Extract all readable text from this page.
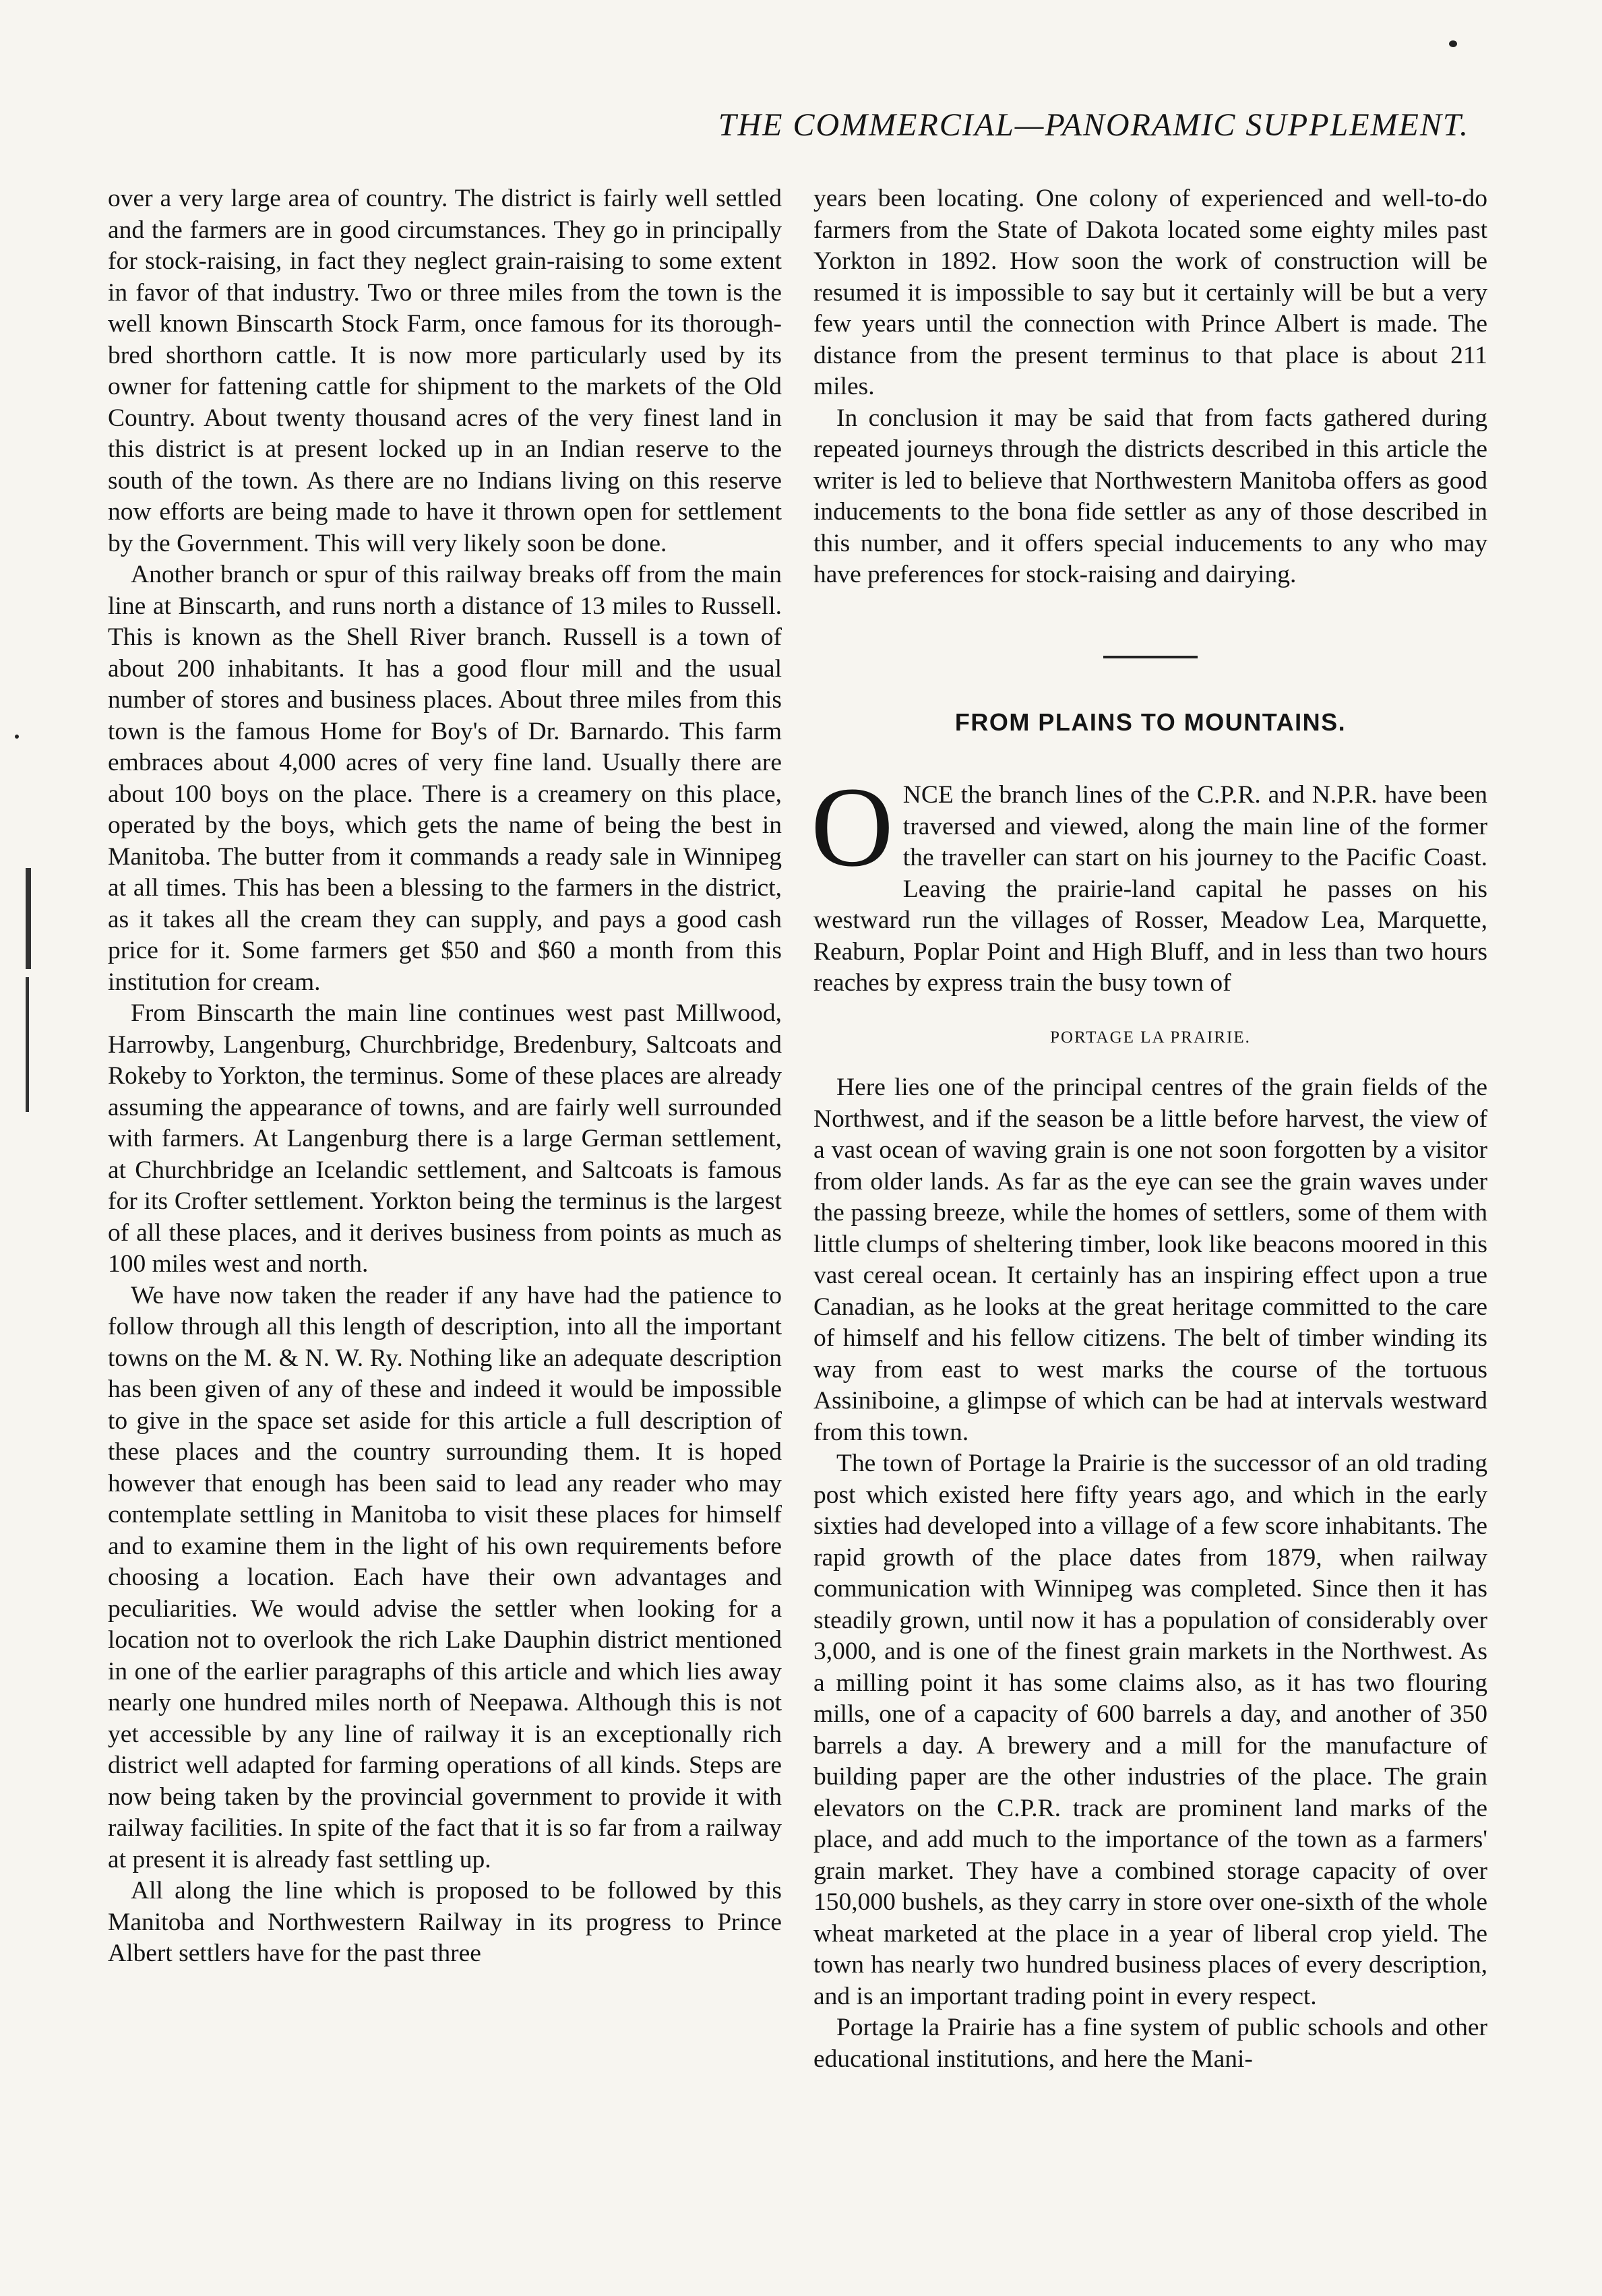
THE COMMERCIAL—PANORAMIC SUPPLEMENT.

over a very large area of country. The district is fairly well settled and the farmers are in good circumstances. They go in principally for stock-raising, in fact they neglect grain-raising to some extent in favor of that industry. Two or three miles from the town is the well known Binscarth Stock Farm, once famous for its thorough-bred shorthorn cattle. It is now more particularly used by its owner for fattening cattle for shipment to the markets of the Old Country. About twenty thousand acres of the very finest land in this district is at present locked up in an Indian reserve to the south of the town. As there are no Indians living on this reserve now efforts are being made to have it thrown open for settlement by the Government. This will very likely soon be done.

Another branch or spur of this railway breaks off from the main line at Binscarth, and runs north a distance of 13 miles to Russell. This is known as the Shell River branch. Russell is a town of about 200 inhabitants. It has a good flour mill and the usual number of stores and business places. About three miles from this town is the famous Home for Boy's of Dr. Barnardo. This farm embraces about 4,000 acres of very fine land. Usually there are about 100 boys on the place. There is a creamery on this place, operated by the boys, which gets the name of being the best in Manitoba. The butter from it commands a ready sale in Winnipeg at all times. This has been a blessing to the farmers in the district, as it takes all the cream they can supply, and pays a good cash price for it. Some farmers get $50 and $60 a month from this institution for cream.

From Binscarth the main line continues west past Millwood, Harrowby, Langenburg, Churchbridge, Bredenbury, Saltcoats and Rokeby to Yorkton, the terminus. Some of these places are already assuming the appearance of towns, and are fairly well surrounded with farmers. At Langenburg there is a large German settlement, at Churchbridge an Icelandic settlement, and Saltcoats is famous for its Crofter settlement. Yorkton being the terminus is the largest of all these places, and it derives business from points as much as 100 miles west and north.

We have now taken the reader if any have had the patience to follow through all this length of description, into all the important towns on the M. & N. W. Ry. Nothing like an adequate description has been given of any of these and indeed it would be impossible to give in the space set aside for this article a full description of these places and the country surrounding them. It is hoped however that enough has been said to lead any reader who may contemplate settling in Manitoba to visit these places for himself and to examine them in the light of his own requirements before choosing a location. Each have their own advantages and peculiarities. We would advise the settler when looking for a location not to overlook the rich Lake Dauphin district mentioned in one of the earlier paragraphs of this article and which lies away nearly one hundred miles north of Neepawa. Although this is not yet accessible by any line of railway it is an exceptionally rich district well adapted for farming operations of all kinds. Steps are now being taken by the provincial government to provide it with railway facilities. In spite of the fact that it is so far from a railway at present it is already fast settling up.

All along the line which is proposed to be followed by this Manitoba and Northwestern Railway in its progress to Prince Albert settlers have for the past three

years been locating. One colony of experienced and well-to-do farmers from the State of Dakota located some eighty miles past Yorkton in 1892. How soon the work of construction will be resumed it is impossible to say but it certainly will be but a very few years until the connection with Prince Albert is made. The distance from the present terminus to that place is about 211 miles.

In conclusion it may be said that from facts gathered during repeated journeys through the districts described in this article the writer is led to believe that Northwestern Manitoba offers as good inducements to the bona fide settler as any of those described in this number, and it offers special inducements to any who may have preferences for stock-raising and dairying.

FROM PLAINS TO MOUNTAINS.

ONCE the branch lines of the C.P.R. and N.P.R. have been traversed and viewed, along the main line of the former the traveller can start on his journey to the Pacific Coast. Leaving the prairie-land capital he passes on his westward run the villages of Rosser, Meadow Lea, Marquette, Reaburn, Poplar Point and High Bluff, and in less than two hours reaches by express train the busy town of

PORTAGE LA PRAIRIE.

Here lies one of the principal centres of the grain fields of the Northwest, and if the season be a little before harvest, the view of a vast ocean of waving grain is one not soon forgotten by a visitor from older lands. As far as the eye can see the grain waves under the passing breeze, while the homes of settlers, some of them with little clumps of sheltering timber, look like beacons moored in this vast cereal ocean. It certainly has an inspiring effect upon a true Canadian, as he looks at the great heritage committed to the care of himself and his fellow citizens. The belt of timber winding its way from east to west marks the course of the tortuous Assiniboine, a glimpse of which can be had at intervals westward from this town.

The town of Portage la Prairie is the successor of an old trading post which existed here fifty years ago, and which in the early sixties had developed into a village of a few score inhabitants. The rapid growth of the place dates from 1879, when railway communication with Winnipeg was completed. Since then it has steadily grown, until now it has a population of considerably over 3,000, and is one of the finest grain markets in the Northwest. As a milling point it has some claims also, as it has two flouring mills, one of a capacity of 600 barrels a day, and another of 350 barrels a day. A brewery and a mill for the manufacture of building paper are the other industries of the place. The grain elevators on the C.P.R. track are prominent land marks of the place, and add much to the importance of the town as a farmers' grain market. They have a combined storage capacity of over 150,000 bushels, as they carry in store over one-sixth of the whole wheat marketed at the place in a year of liberal crop yield. The town has nearly two hundred business places of every description, and is an important trading point in every respect.

Portage la Prairie has a fine system of public schools and other educational institutions, and here the Mani-
